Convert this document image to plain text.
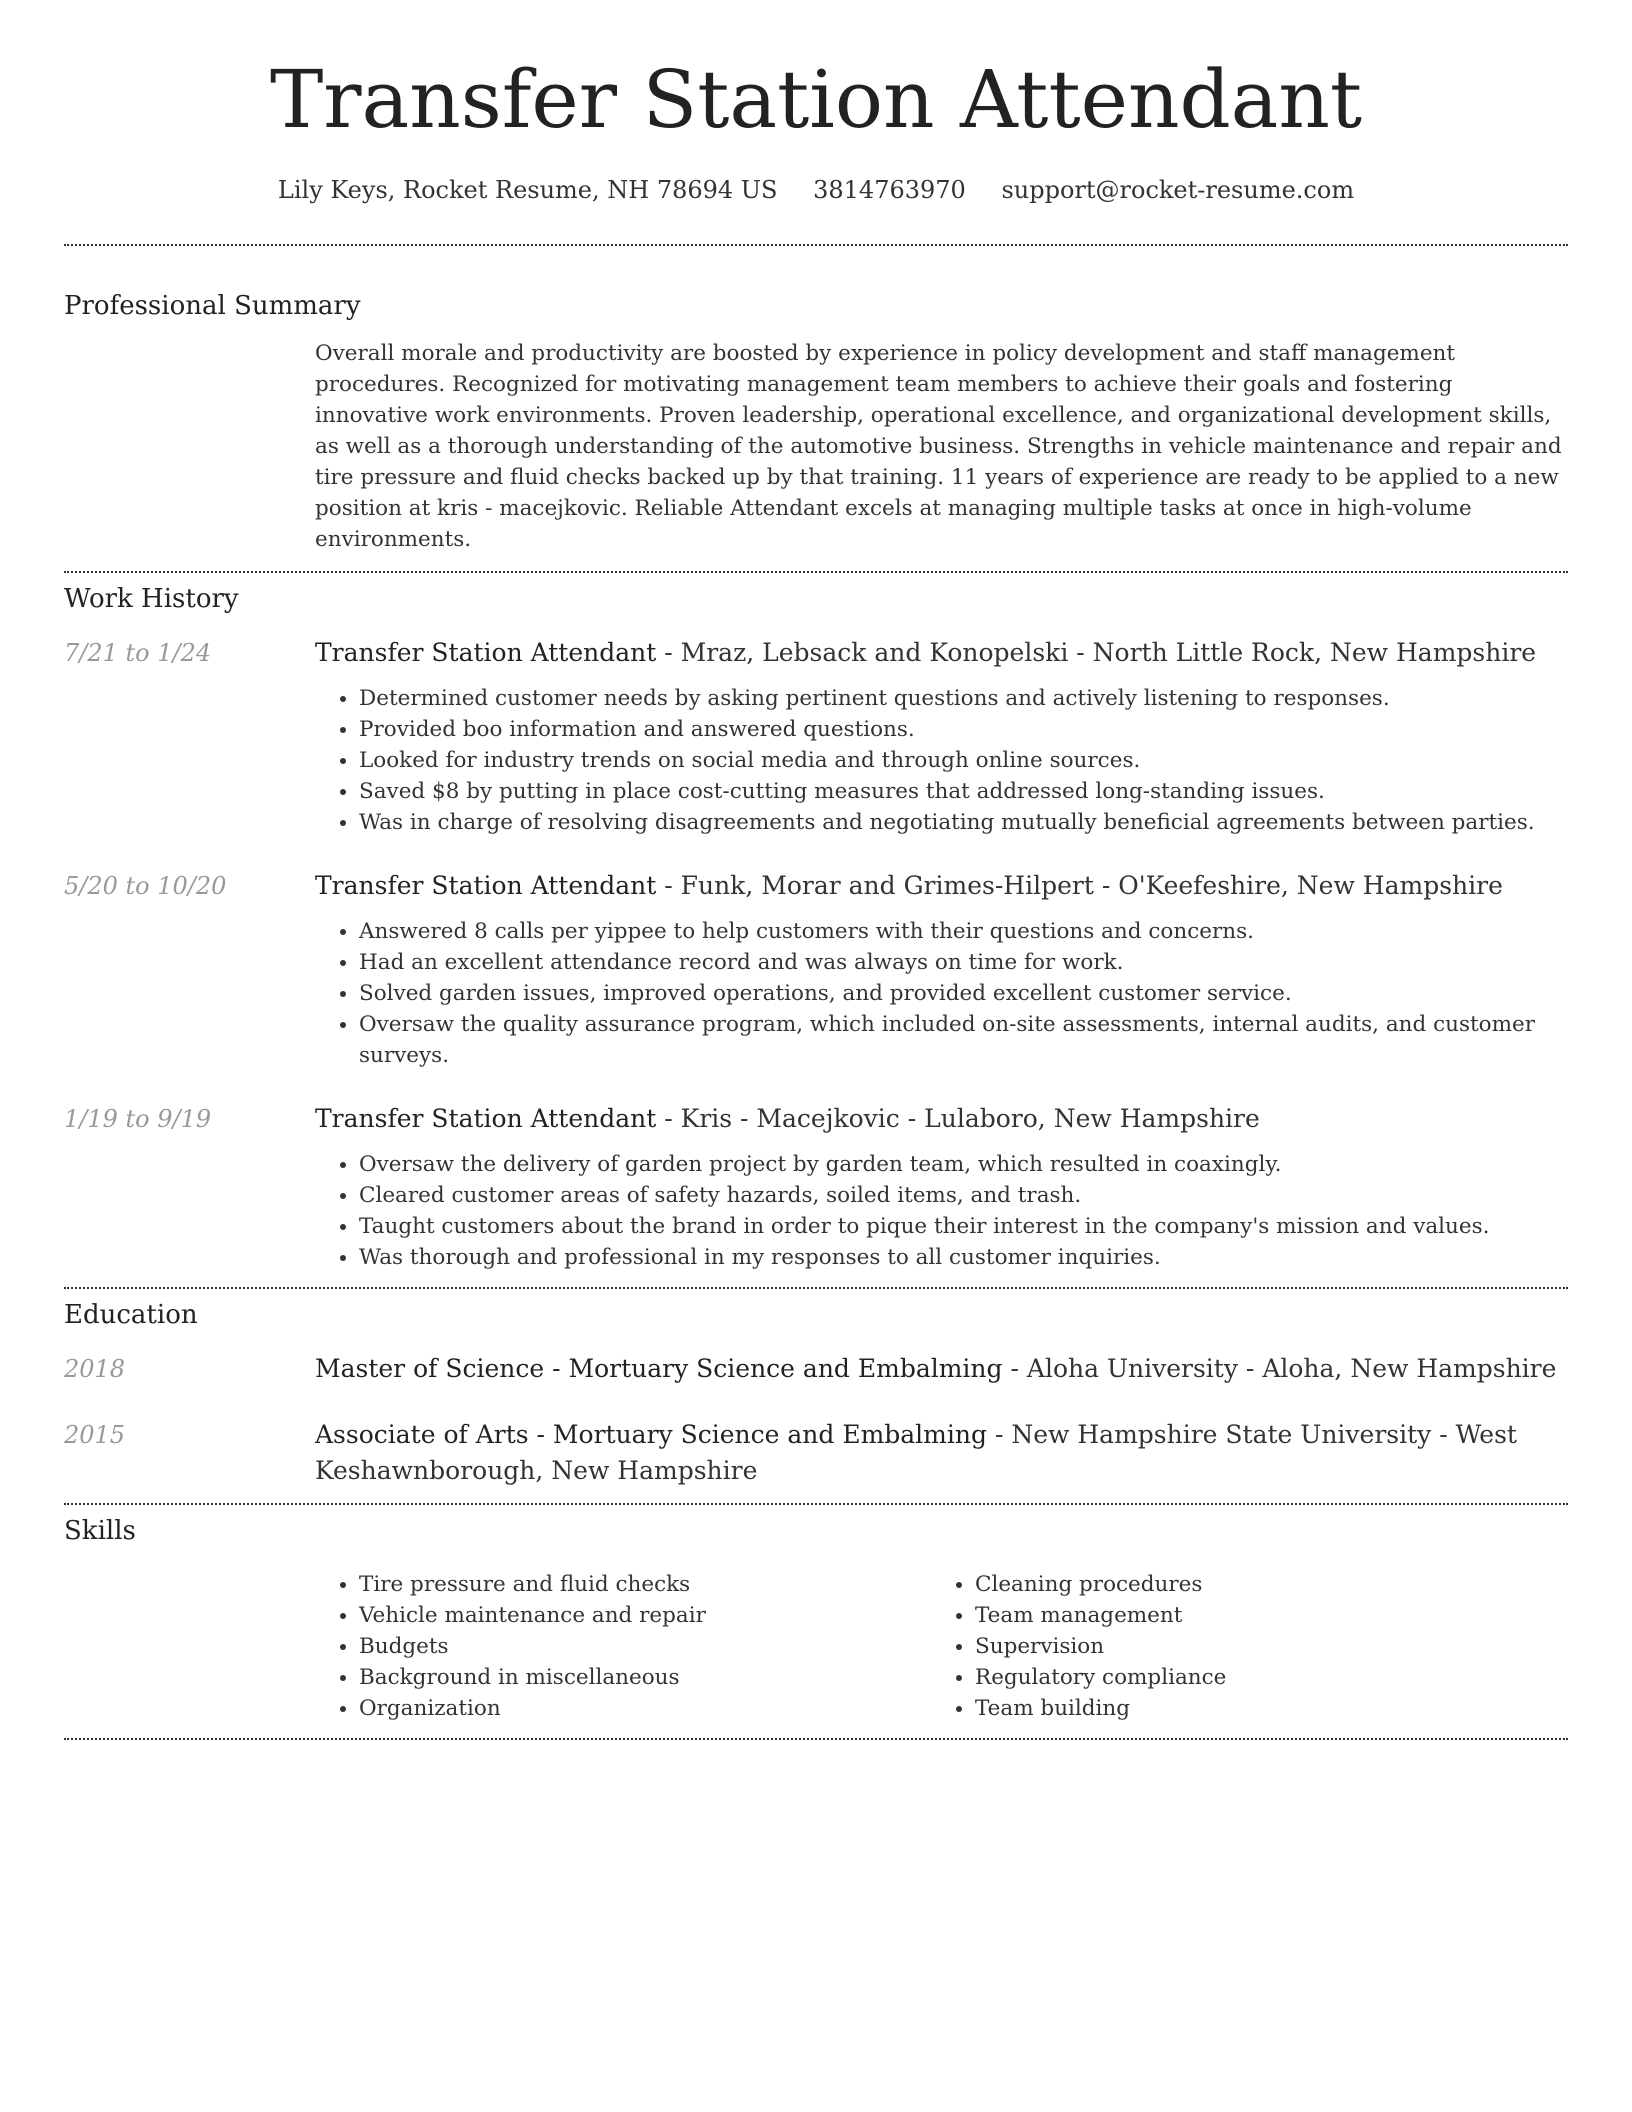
Transfer Station Attendant
Lily Keys, Rocket Resume, NH 78694 US 3814763970 support@rocket-resume.com
Professional Summary
Overall morale and productivity are boosted by experience in policy development and staff management procedures. Recognized for motivating management team members to achieve their goals and fostering innovative work environments. Proven leadership, operational excellence, and organizational development skills, as well as a thorough understanding of the automotive business. Strengths in vehicle maintenance and repair and tire pressure and fluid checks backed up by that training. 11 years of experience are ready to be applied to a new position at kris - macejkovic. Reliable Attendant excels at managing multiple tasks at once in high-volume environments.
Work History
7/21 to 1/24	Transfer Station Attendant - Mraz, Lebsack and Konopelski - North Little Rock, New Hampshire
• Determined customer needs by asking pertinent questions and actively listening to responses.
• Provided boo information and answered questions.
• Looked for industry trends on social media and through online sources.
• Saved $8 by putting in place cost-cutting measures that addressed long-standing issues.
• Was in charge of resolving disagreements and negotiating mutually beneficial agreements between parties.
5/20 to 10/20	Transfer Station Attendant - Funk, Morar and Grimes-Hilpert - O'Keefeshire, New Hampshire
• Answered 8 calls per yippee to help customers with their questions and concerns.
• Had an excellent attendance record and was always on time for work.
• Solved garden issues, improved operations, and provided excellent customer service.
• Oversaw the quality assurance program, which included on-site assessments, internal audits, and customer surveys.
1/19 to 9/19	Transfer Station Attendant - Kris - Macejkovic - Lulaboro, New Hampshire
• Oversaw the delivery of garden project by garden team, which resulted in coaxingly.
• Cleared customer areas of safety hazards, soiled items, and trash.
• Taught customers about the brand in order to pique their interest in the company's mission and values.
• Was thorough and professional in my responses to all customer inquiries.
Education
2018	Master of Science - Mortuary Science and Embalming - Aloha University - Aloha, New Hampshire
2015	Associate of Arts - Mortuary Science and Embalming - New Hampshire State University - West Keshawnborough, New Hampshire
Skills
• Tire pressure and fluid checks
• Vehicle maintenance and repair
• Budgets
• Background in miscellaneous
• Organization
• Cleaning procedures
• Team management
• Supervision
• Regulatory compliance
• Team building
